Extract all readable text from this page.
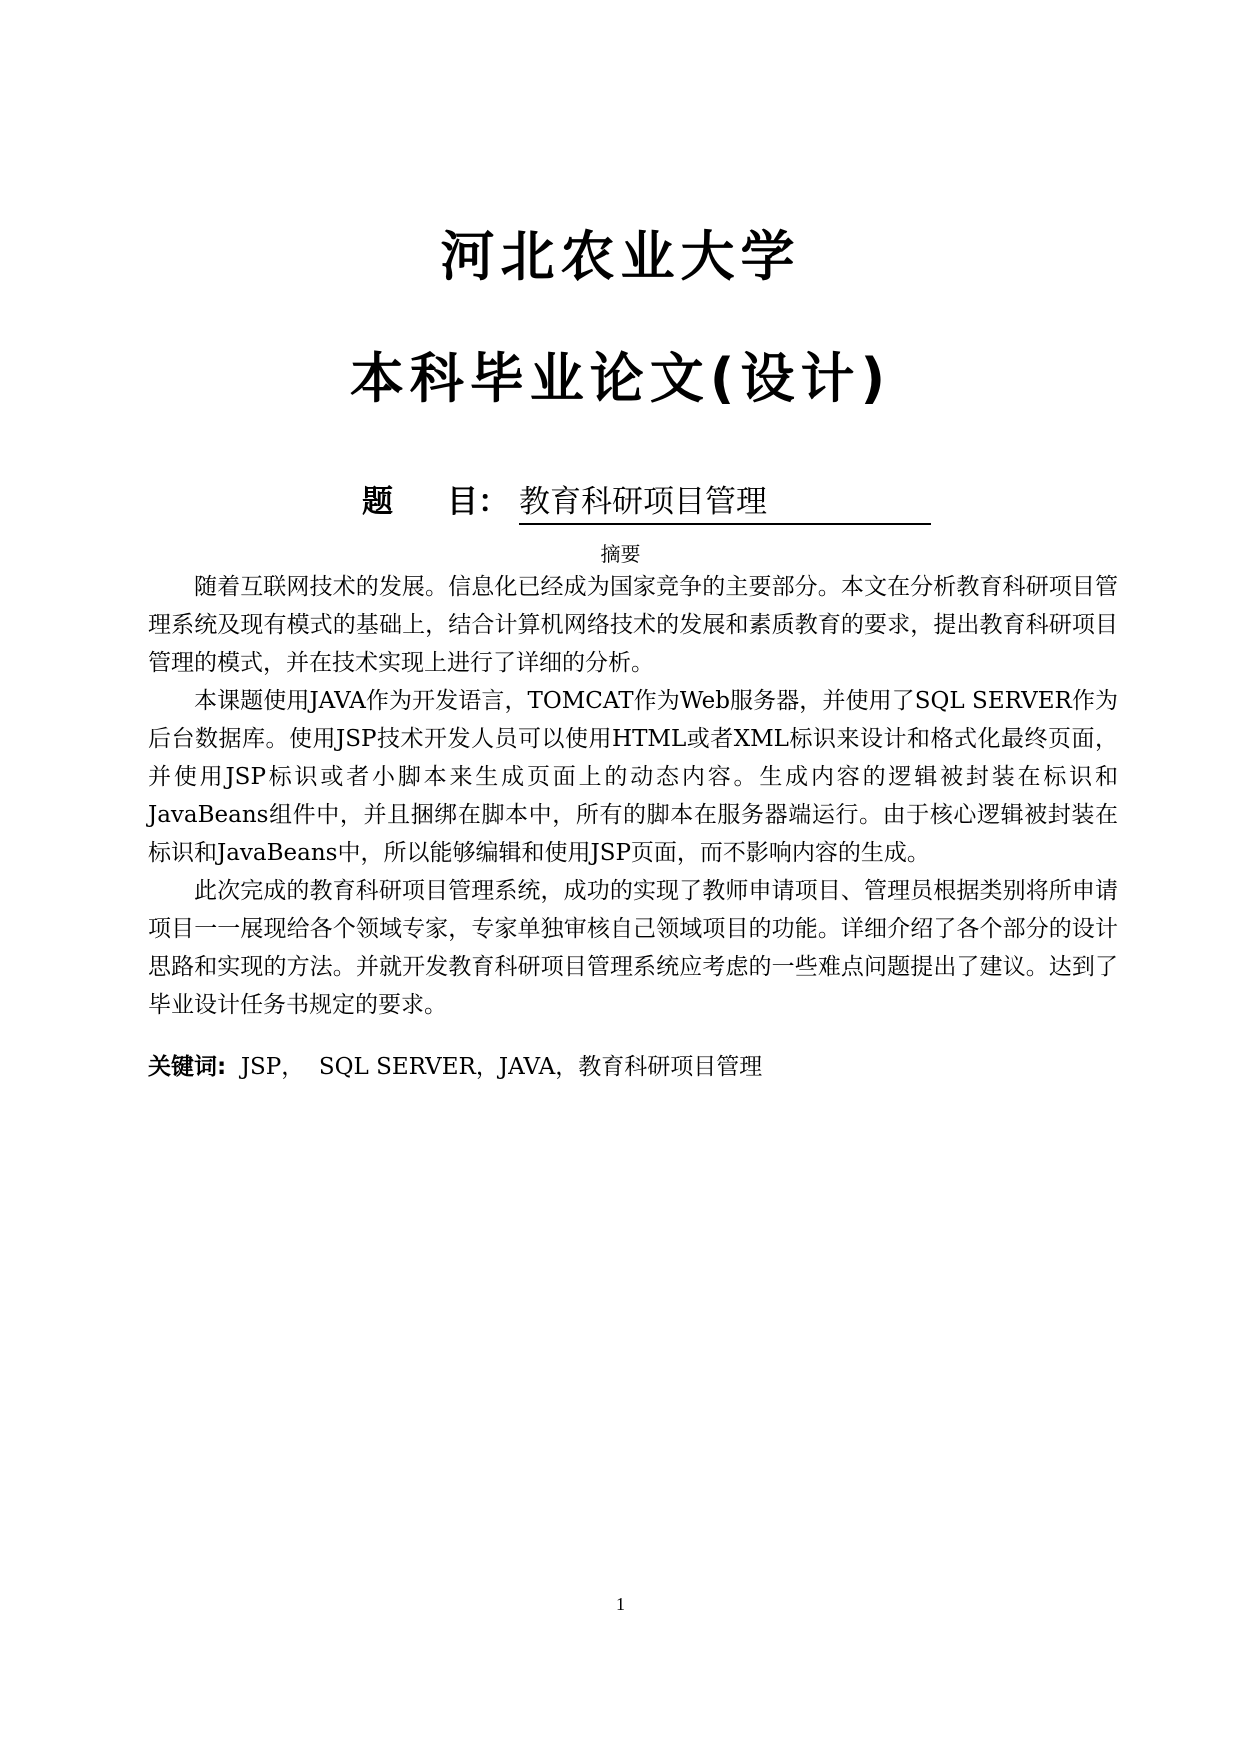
河北农业大学
本科毕业论文(设计)
题     目： 教育科研项目管理
摘要

随着互联网技术的发展。信息化已经成为国家竞争的主要部分。本文在分析教育科研项目管理系统及现有模式的基础上，结合计算机网络技术的发展和素质教育的要求，提出教育科研项目管理的模式，并在技术实现上进行了详细的分析。

本课题使用JAVA作为开发语言，TOMCAT作为Web服务器，并使用了SQL SERVER作为后台数据库。使用JSP技术开发人员可以使用HTML或者XML标识来设计和格式化最终页面，并使用JSP标识或者小脚本来生成页面上的动态内容。生成内容的逻辑被封装在标识和JavaBeans组件中，并且捆绑在脚本中，所有的脚本在服务器端运行。由于核心逻辑被封装在标识和JavaBeans中，所以能够编辑和使用JSP页面，而不影响内容的生成。

此次完成的教育科研项目管理系统，成功的实现了教师申请项目、管理员根据类别将所申请项目一一展现给各个领域专家，专家单独审核自己领域项目的功能。详细介绍了各个部分的设计思路和实现的方法。并就开发教育科研项目管理系统应考虑的一些难点问题提出了建议。达到了毕业设计任务书规定的要求。

关键词:  JSP，  SQL SERVER，JAVA，教育科研项目管理
1
